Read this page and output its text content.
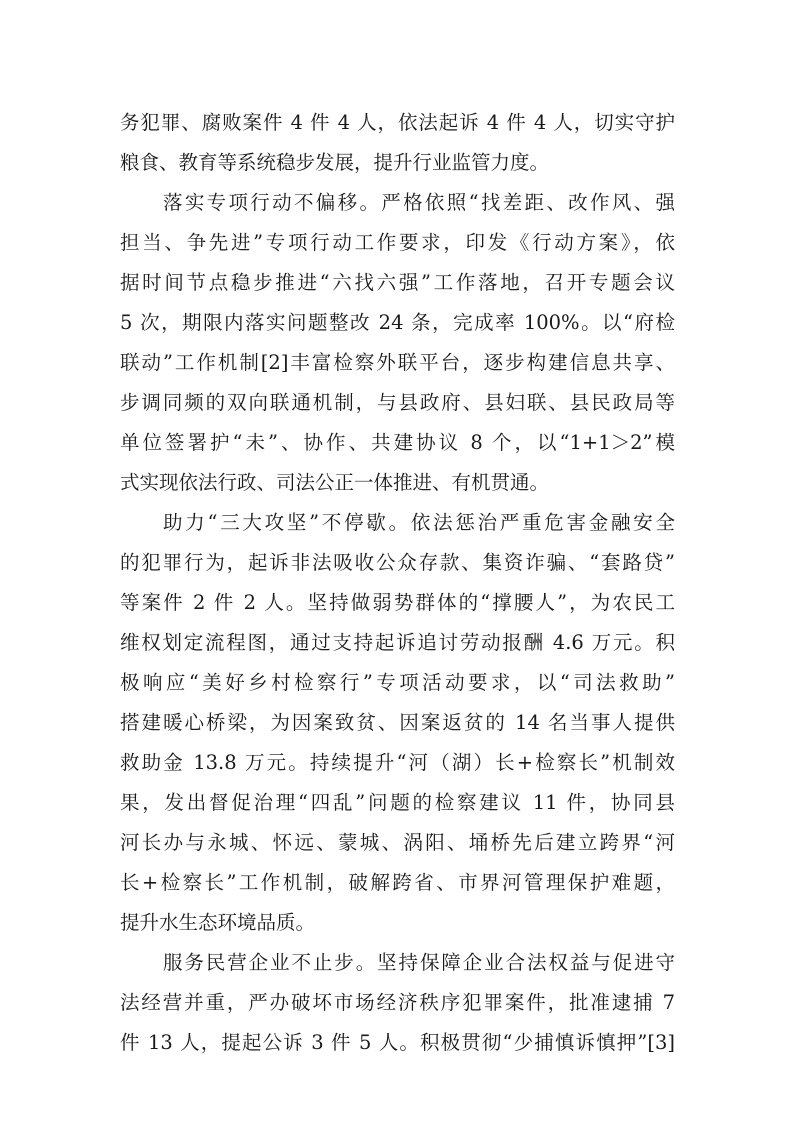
务犯罪、腐败案件 4 件 4 人，依法起诉 4 件 4 人，切实守护
粮食、教育等系统稳步发展，提升行业监管力度。
落实专项行动不偏移。严格依照“找差距、改作风、强
担当、争先进”专项行动工作要求，印发《行动方案》，依
据时间节点稳步推进“六找六强”工作落地，召开专题会议
5 次，期限内落实问题整改 24 条，完成率 100%。以“府检
联动”工作机制[2]丰富检察外联平台，逐步构建信息共享、
步调同频的双向联通机制，与县政府、县妇联、县民政局等
单位签署护“未”、协作、共建协议 8 个，以“1+1＞2”模
式实现依法行政、司法公正一体推进、有机贯通。
助力“三大攻坚”不停歇。依法惩治严重危害金融安全
的犯罪行为，起诉非法吸收公众存款、集资诈骗、“套路贷”
等案件 2 件 2 人。坚持做弱势群体的“撑腰人”，为农民工
维权划定流程图，通过支持起诉追讨劳动报酬 4.6 万元。积
极响应“美好乡村检察行”专项活动要求，以“司法救助”
搭建暖心桥梁，为因案致贫、因案返贫的 14 名当事人提供
救助金 13.8 万元。持续提升“河（湖）长+检察长”机制效
果，发出督促治理“四乱”问题的检察建议 11 件，协同县
河长办与永城、怀远、蒙城、涡阳、埇桥先后建立跨界“河
长+检察长”工作机制，破解跨省、市界河管理保护难题，
提升水生态环境品质。
服务民营企业不止步。坚持保障企业合法权益与促进守
法经营并重，严办破坏市场经济秩序犯罪案件，批准逮捕 7
件 13 人，提起公诉 3 件 5 人。积极贯彻“少捕慎诉慎押”[3]
